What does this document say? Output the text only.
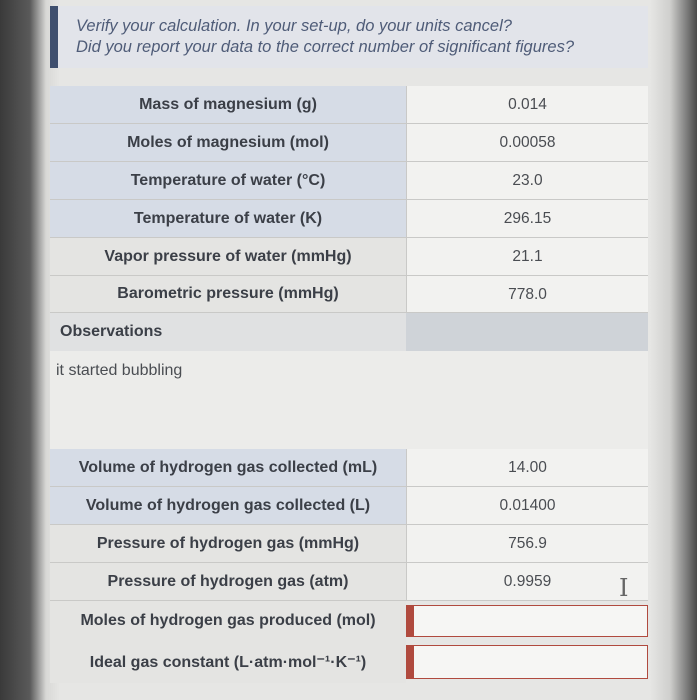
Verify your calculation. In your set-up, do your units cancel?
Did you report your data to the correct number of significant figures?
Mass of magnesium (g)	0.014
Moles of magnesium (mol)	0.00058
Temperature of water (°C)	23.0
Temperature of water (K)	296.15
Vapor pressure of water (mmHg)	21.1
Barometric pressure (mmHg)	778.0
Observations
it started bubbling
Volume of hydrogen gas collected (mL)	14.00
Volume of hydrogen gas collected (L)	0.01400
Pressure of hydrogen gas (mmHg)	756.9
Pressure of hydrogen gas (atm)	0.9959
Moles of hydrogen gas produced (mol)
Ideal gas constant (L·atm·mol⁻¹·K⁻¹)
I
